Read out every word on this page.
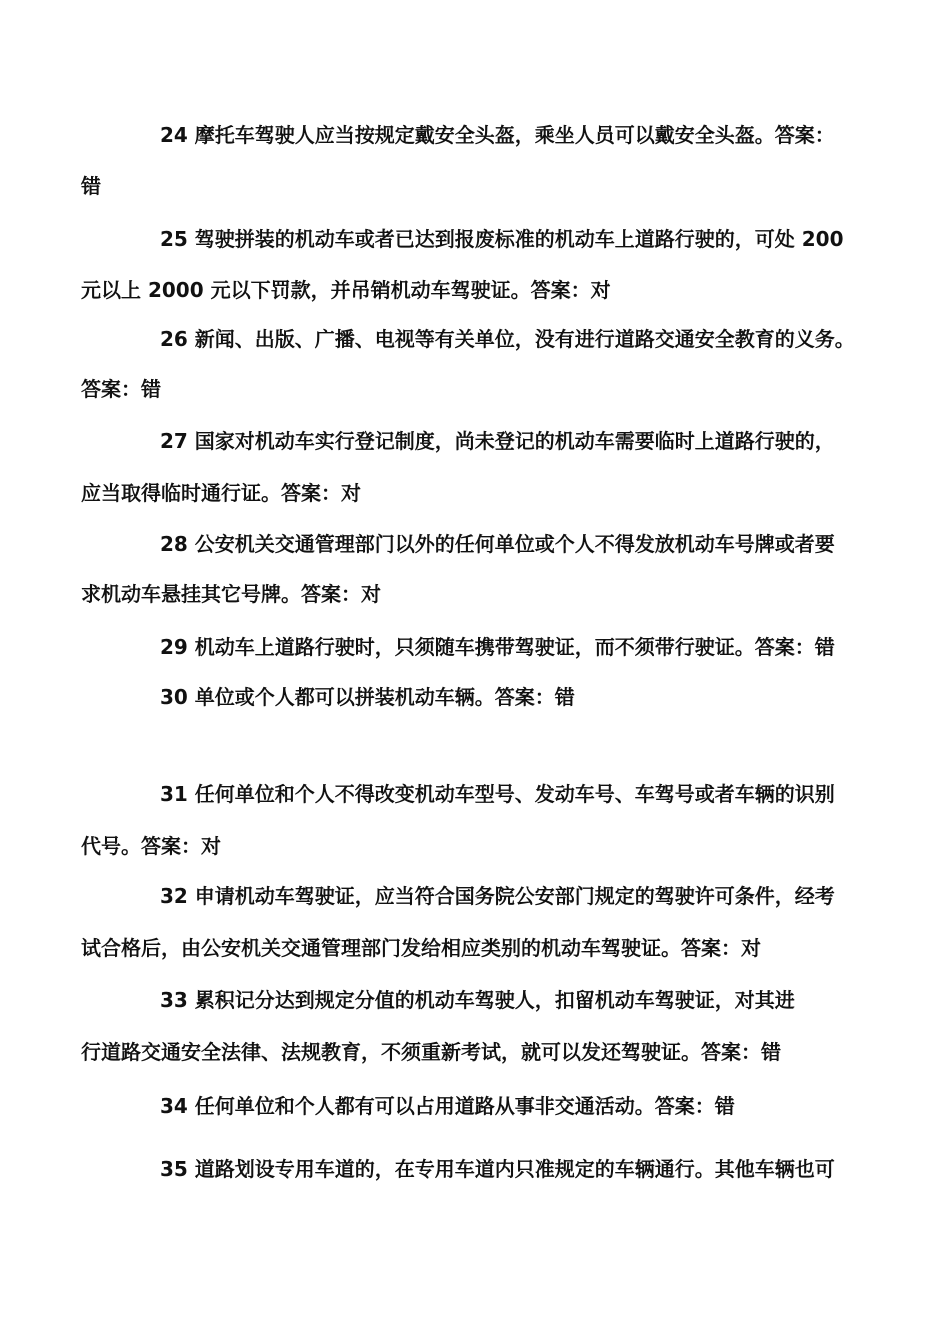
24 摩托车驾驶人应当按规定戴安全头盔，乘坐人员可以戴安全头盔。答案：
错
25 驾驶拼装的机动车或者已达到报废标准的机动车上道路行驶的，可处 200
元以上 2000 元以下罚款，并吊销机动车驾驶证。答案：对
26 新闻、出版、广播、电视等有关单位，没有进行道路交通安全教育的义务。
答案：错
27 国家对机动车实行登记制度，尚未登记的机动车需要临时上道路行驶的，
应当取得临时通行证。答案：对
28 公安机关交通管理部门以外的任何单位或个人不得发放机动车号牌或者要
求机动车悬挂其它号牌。答案：对
29 机动车上道路行驶时，只须随车携带驾驶证，而不须带行驶证。答案：错
30 单位或个人都可以拼装机动车辆。答案：错
31 任何单位和个人不得改变机动车型号、发动车号、车驾号或者车辆的识别
代号。答案：对
32 申请机动车驾驶证，应当符合国务院公安部门规定的驾驶许可条件，经考
试合格后，由公安机关交通管理部门发给相应类别的机动车驾驶证。答案：对
33 累积记分达到规定分值的机动车驾驶人，扣留机动车驾驶证，对其进
行道路交通安全法律、法规教育，不须重新考试，就可以发还驾驶证。答案：错
34 任何单位和个人都有可以占用道路从事非交通活动。答案：错
35 道路划设专用车道的，在专用车道内只准规定的车辆通行。其他车辆也可
